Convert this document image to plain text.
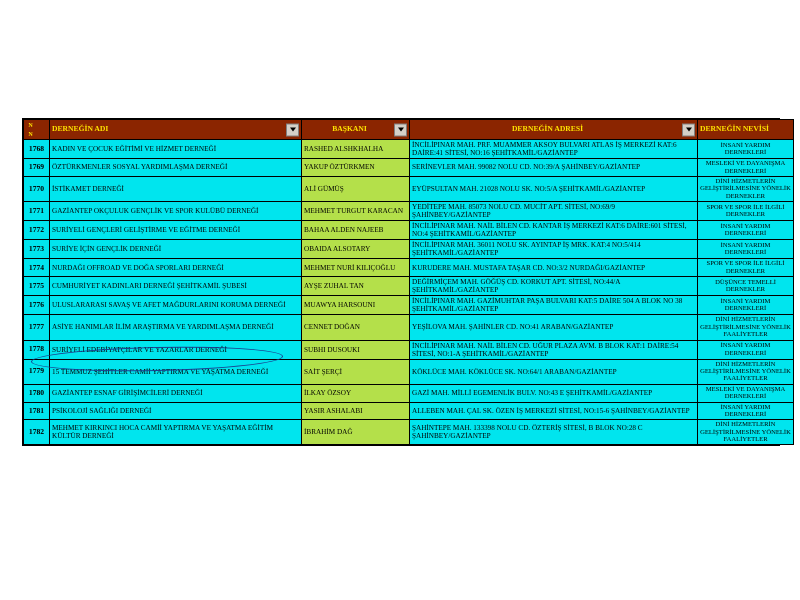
N N	DERNEĞİN ADI	BAŞKANI	DERNEĞİN ADRESİ	DERNEĞİN NEVİSİ
1768	KADIN VE ÇOCUK EĞİTİMİ VE HİZMET DERNEĞİ	RASHED ALSHKHALHA	İNCİLİPINAR MAH. PRF. MUAMMER AKSOY BULVARI ATLAS İŞ MERKEZİ KAT:6 DAİRE:41 SİTESİ, NO:16 ŞEHİTKAMİL/GAZİANTEP	İNSANİ YARDIM DERNEKLERİ
1769	ÖZTÜRKMENLER SOSYAL YARDIMLAŞMA DERNEĞİ	YAKUP ÖZTÜRKMEN	SERİNEVLER MAH. 99082 NOLU CD. NO:39/A ŞAHİNBEY/GAZİANTEP	MESLEKİ VE DAYANIŞMA DERNEKLERİ
1770	İSTİKAMET DERNEĞİ	ALİ GÜMÜŞ	EYÜPSULTAN MAH. 21028 NOLU SK. NO:5/A ŞEHİTKAMİL/GAZİANTEP	DİNİ HİZMETLERİN GELİŞTİRİLMESİNE YÖNELİK DERNEKLER
1771	GAZİANTEP OKÇULUK GENÇLİK VE SPOR KULÜBÜ DERNEĞİ	MEHMET TURGUT KARACAN	YEDİTEPE MAH. 85073 NOLU CD. MUCİT APT. SİTESİ, NO:69/9 ŞAHİNBEY/GAZİANTEP	SPOR VE SPOR İLE İLGİLİ DERNEKLER
1772	SURİYELİ GENÇLERİ GELİŞTİRME VE EĞİTME DERNEĞİ	BAHAA ALDEN NAJEEB	İNCİLİPINAR MAH. NAİL BİLEN CD. KANTAR İŞ MERKEZİ KAT:6 DAİRE:601 SİTESİ, NO:4 ŞEHİTKAMİL/GAZİANTEP	İNSANİ YARDIM DERNEKLERİ
1773	SURİYE İÇİN GENÇLİK DERNEĞİ	OBAIDA ALSOTARY	İNCİLİPINAR MAH. 36011 NOLU SK. AYINTAP İŞ MRK. KAT:4 NO:5/414 ŞEHİTKAMİL/GAZİANTEP	İNSANİ YARDIM DERNEKLERİ
1774	NURDAĞI OFFROAD VE DOĞA SPORLARI DERNEĞİ	MEHMET NURİ KILIÇOĞLU	KURUDERE MAH. MUSTAFA TAŞAR CD. NO:3/2 NURDAĞI/GAZİANTEP	SPOR VE SPOR İLE İLGİLİ DERNEKLER
1775	CUMHURİYET KADINLARI DERNEĞİ ŞEHİTKAMİL ŞUBESİ	AYŞE ZUHAL TAN	DEĞİRMİÇEM MAH. GÖĞÜŞ CD. KORKUT APT. SİTESİ, NO:44/A ŞEHİTKAMİL/GAZİANTEP	DÜŞÜNCE TEMELLİ DERNEKLER
1776	ULUSLARARASI SAVAŞ VE AFET MAĞDURLARINI KORUMA DERNEĞİ	MUAWYA HARSOUNI	İNCİLİPINAR MAH. GAZİMUHTAR PAŞA BULVARI KAT:5 DAİRE 504 A BLOK NO 38 ŞEHİTKAMİL/GAZİANTEP	İNSANİ YARDIM DERNEKLERİ
1777	ASİYE HANIMLAR İLİM ARAŞTIRMA VE YARDIMLAŞMA DERNEĞİ	CENNET DOĞAN	YEŞİLOVA MAH. ŞAHİNLER CD. NO:41 ARABAN/GAZİANTEP	DİNİ HİZMETLERİN GELİŞTİRİLMESİNE YÖNELİK FAALİYETLER
1778	SURİYELİ EDEBİYATÇILAR VE YAZARLAR DERNEĞİ	SUBHI DUSOUKI	İNCİLİPINAR MAH. NAİL BİLEN CD. UĞUR PLAZA AVM. B BLOK KAT:1 DAİRE:54 SİTESİ, NO:1-A ŞEHİTKAMİL/GAZİANTEP	İNSANİ YARDIM DERNEKLERİ
1779	15 TEMMUZ ŞEHİTLER CAMİİ YAPTIRMA VE YAŞATMA DERNEĞİ	SAİT ŞERÇİ	KÖKLÜCE MAH. KÖKLÜCE SK. NO:64/1 ARABAN/GAZİANTEP	DİNİ HİZMETLERİN GELİŞTİRİLMESİNE YÖNELİK FAALİYETLER
1780	GAZİANTEP ESNAF GİRİŞİMCİLERİ DERNEĞİ	İLKAY ÖZSOY	GAZİ MAH. MİLLİ EGEMENLİK BULV. NO:43 E ŞEHİTKAMİL/GAZİANTEP	MESLEKİ VE DAYANIŞMA DERNEKLERİ
1781	PSİKOLOJİ SAĞLIĞI DERNEĞİ	YASIR ASHALABI	ALLEBEN MAH. ÇAL SK. ÖZEN İŞ MERKEZİ SİTESİ, NO:15-6 ŞAHİNBEY/GAZİANTEP	İNSANİ YARDIM DERNEKLERİ
1782	MEHMET KIRKINCI HOCA CAMİİ YAPTIRMA VE YAŞATMA EĞİTİM KÜLTÜR DERNEĞİ	İBRAHİM DAĞ	ŞAHİNTEPE MAH. 133398 NOLU CD. ÖZTERİŞ SİTESİ, B BLOK NO:28 C ŞAHİNBEY/GAZİANTEP	DİNİ HİZMETLERİN GELİŞTİRİLMESİNE YÖNELİK FAALİYETLER
